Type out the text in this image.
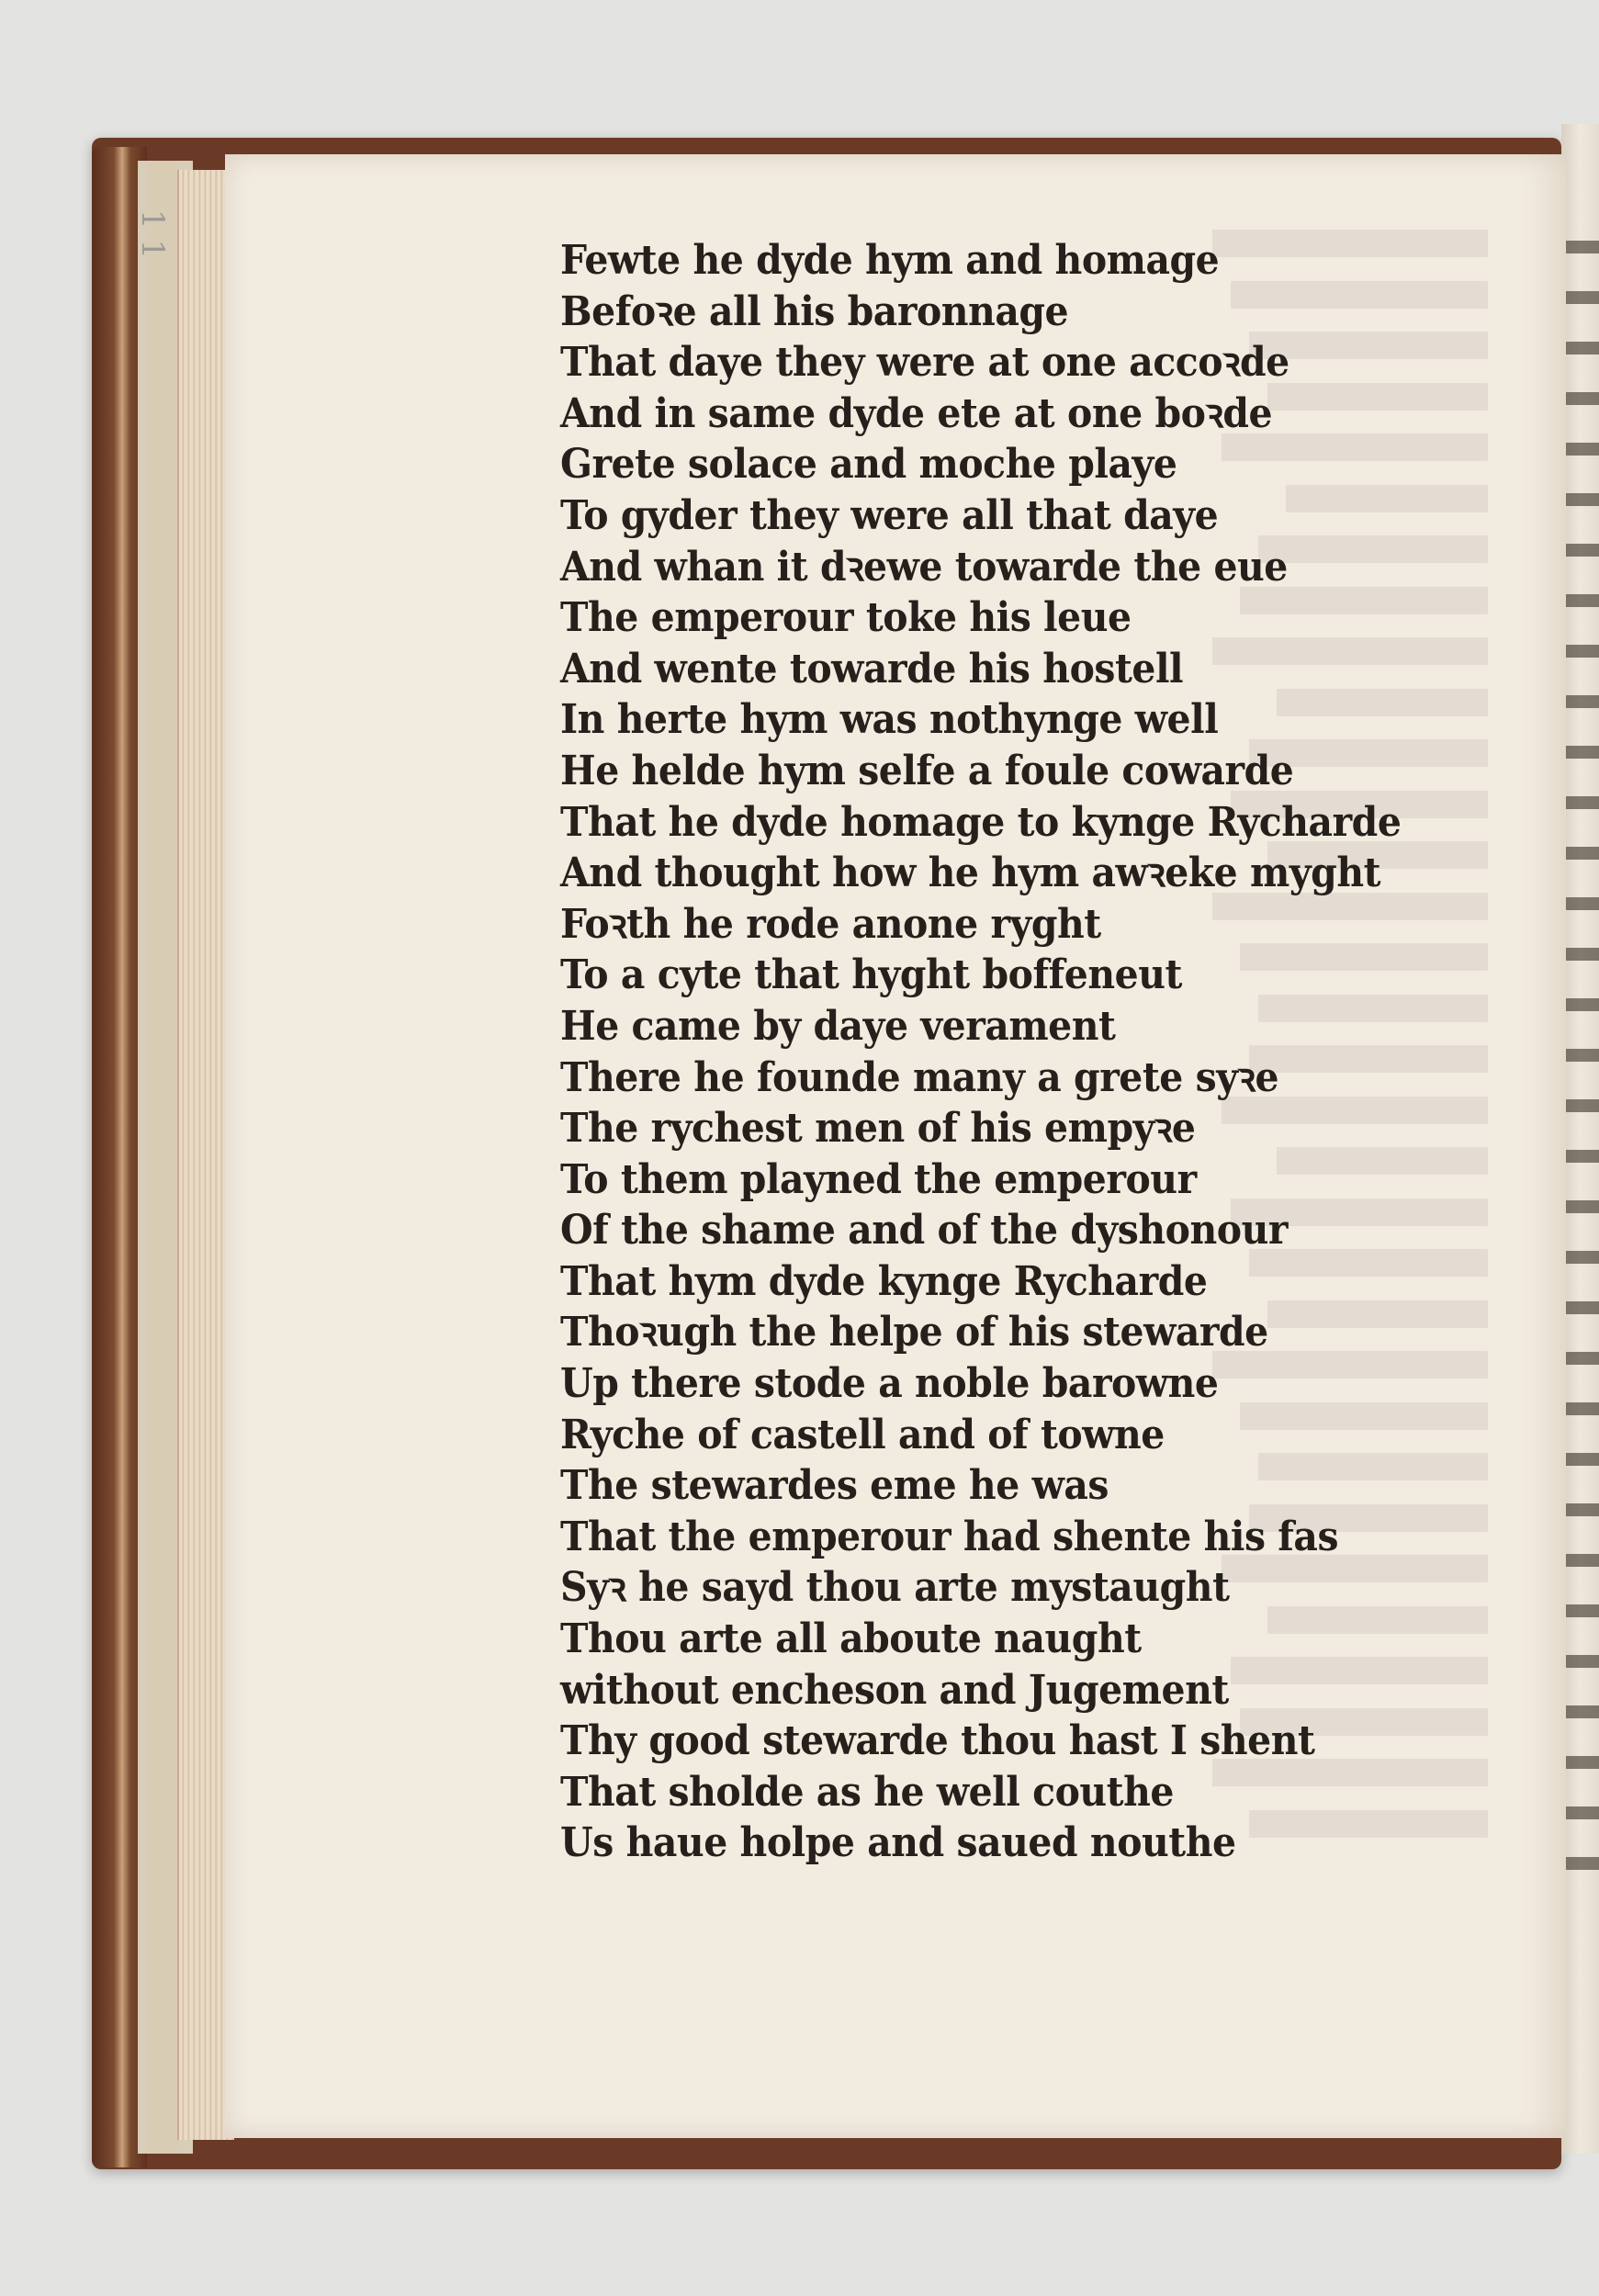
1 1
Fewte he dyde hym and homage
Befoꝛe all his baronnage
That daye they were at one accoꝛde
And in same dyde ete at one boꝛde
Grete solace and moche playe
To gyder they were all that daye
And whan it dꝛewe towarde the eue
The emperour toke his leue
And wente towarde his hostell
In herte hym was nothynge well
He helde hym selfe a foule cowarde
That he dyde homage to kynge Rycharde
And thought how he hym awꝛeke myght
Foꝛth he rode anone ryght
To a cyte that hyght boffeneut
He came by daye verament
There he founde many a grete syꝛe
The rychest men of his empyꝛe
To them playned the emperour
Of the shame and of the dyshonour
That hym dyde kynge Rycharde
Thoꝛugh the helpe of his stewarde
Up there stode a noble barowne
Ryche of castell and of towne
The stewardes eme he was
That the emperour had shente his fas
Syꝛ he sayd thou arte mystaught
Thou arte all aboute naught
without encheson and Jugement
Thy good stewarde thou hast I shent
That sholde as he well couthe
Us haue holpe and saued nouthe
